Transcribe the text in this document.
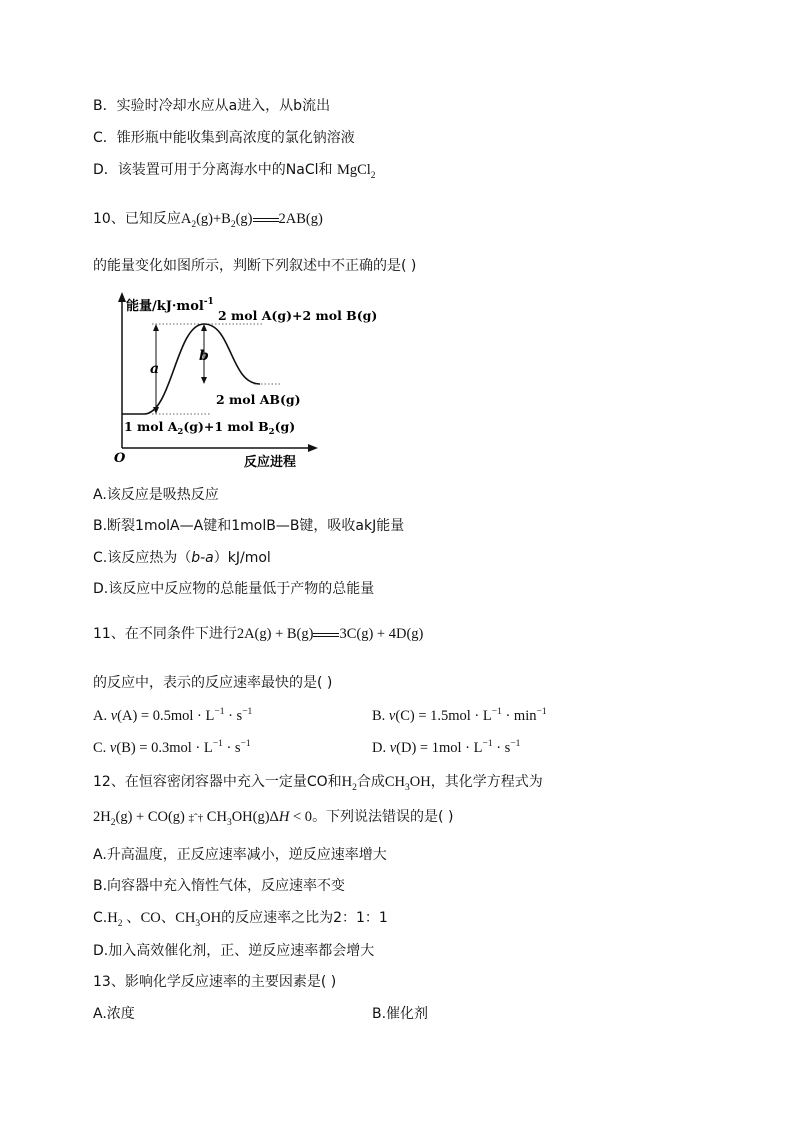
B．实验时冷却水应从a进入，从b流出
C．锥形瓶中能收集到高浓度的氯化钠溶液
D．该装置可用于分离海水中的NaCl和 MgCl$_2$
10、已知反应$A_2(g)+B_2(g)$ 2AB(g)
的能量变化如图所示，判断下列叙述中不正确的是( )
a
b
能量/kJ·mol$^{-1}$
2 mol A(g)+2 mol B(g)
2 mol AB(g)
1 mol $A_2(g)+1$ mol $B_2(g)$
O	反应进程
A.该反应是吸热反应
B.断裂1molA—A键和1molB—B键，吸收akJ能量
C.该反应热为（b-a）kJ/mol
D.该反应中反应物的总能量低于产物的总能量
11、在不同条件下进行2A(g) + B(g) 3C(g) + 4D(g)
的反应中，表示的反应速率最快的是( )
A. $v(A) = 0.5mol \cdot L^{-1} \cdot s^{-1}$	B. $v(C) = 1.5mol \cdot L^{-1} \cdot \min^{-1}$
C. $v(B) = 0.3mol \cdot L^{-1} \cdot s^{-1}$	D. $v(D) = 1mol \cdot L^{-1} \cdot s^{-1}$
12、在恒容密闭容器中充入一定量CO和$H_2$合成$CH_3OH$，其化学方程式为
$2H_2(g) + CO(g)$ ‡ˆ† $CH_3OH(g)\Delta H < 0$。下列说法错误的是( )
A.升高温度，正反应速率减小，逆反应速率增大
B.向容器中充入惰性气体，反应速率不变
$C.H_2$ 、CO、$CH_3OH$的反应速率之比为2：1：1
D.加入高效催化剂，正、逆反应速率都会增大
13、影响化学反应速率的主要因素是( )
A.浓度	B.催化剂
